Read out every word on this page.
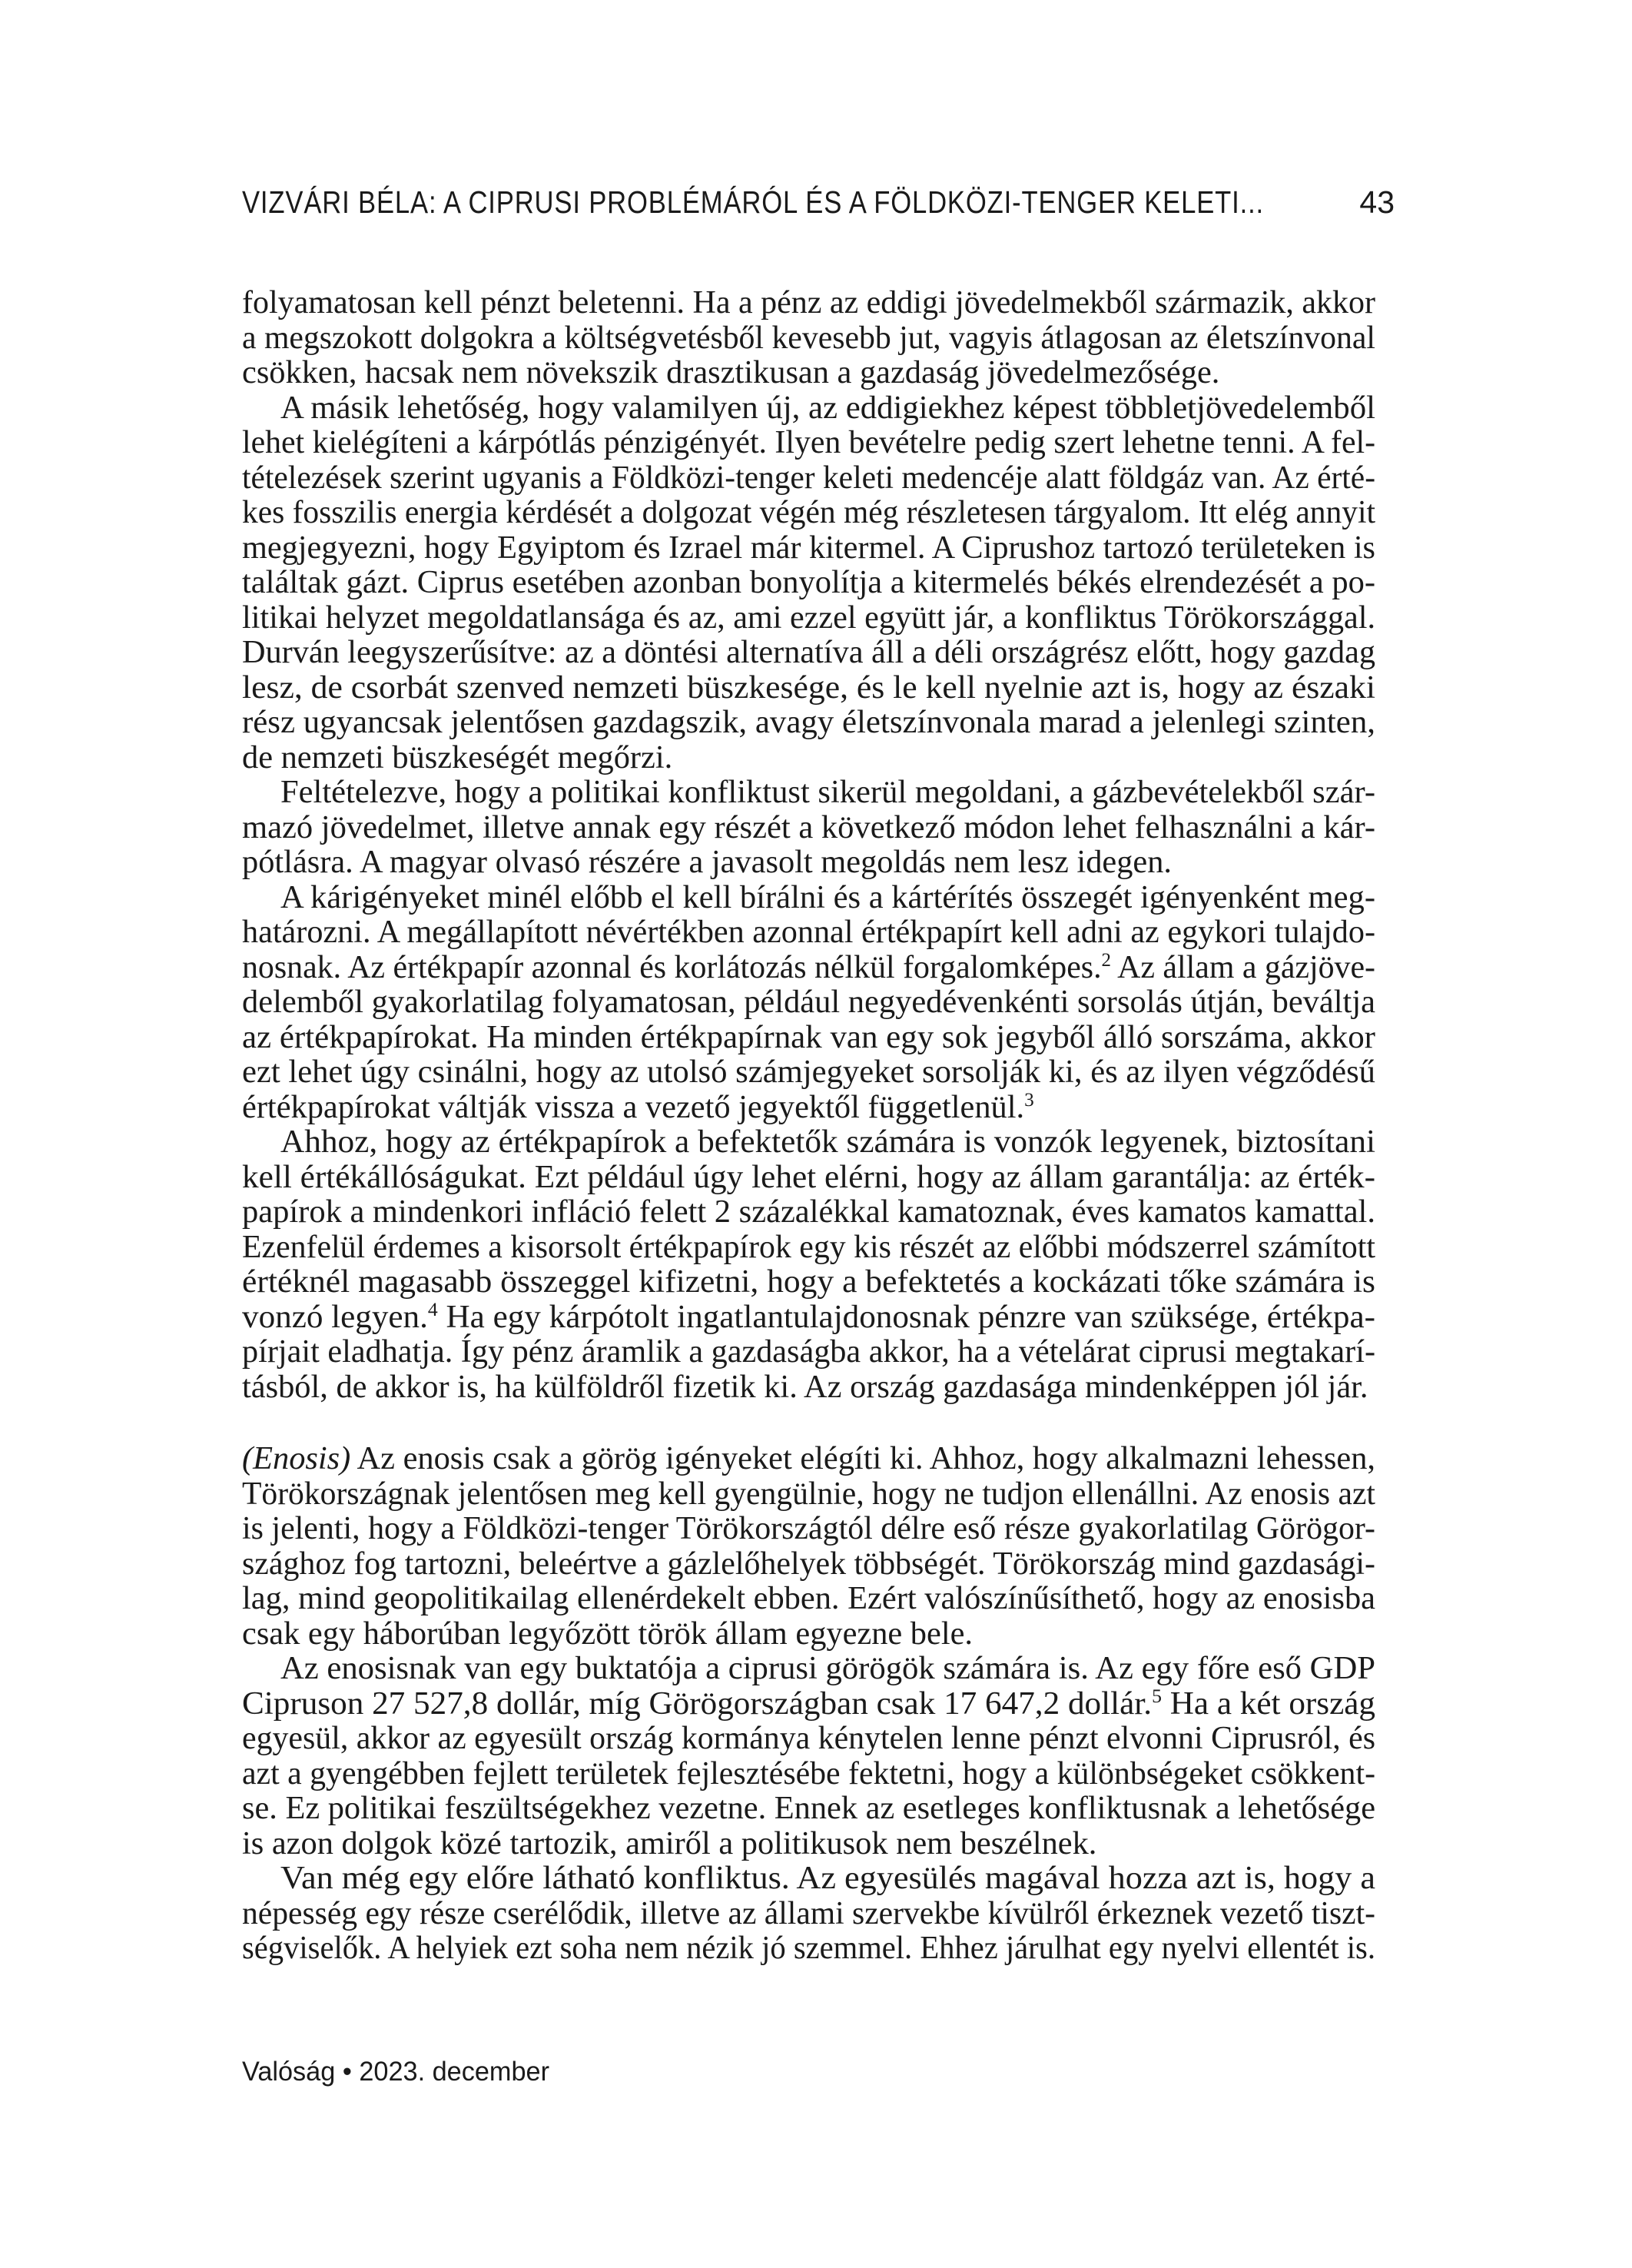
VIZVÁRI BÉLA: A CIPRUSI PROBLÉMÁRÓL ÉS A FÖLDKÖZI-TENGER KELETI...	43
folyamatosan kell pénzt beletenni. Ha a pénz az eddigi jövedelmekből származik, akkor
a megszokott dolgokra a költségvetésből kevesebb jut, vagyis átlagosan az életszínvonal
csökken, hacsak nem növekszik drasztikusan a gazdaság jövedelmezősége.
A másik lehetőség, hogy valamilyen új, az eddigiekhez képest többletjövedelemből
lehet kielégíteni a kárpótlás pénzigényét. Ilyen bevételre pedig szert lehetne tenni. A fel-
tételezések szerint ugyanis a Földközi-tenger keleti medencéje alatt földgáz van. Az érté-
kes fosszilis energia kérdését a dolgozat végén még részletesen tárgyalom. Itt elég annyit
megjegyezni, hogy Egyiptom és Izrael már kitermel. A Ciprushoz tartozó területeken is
találtak gázt. Ciprus esetében azonban bonyolítja a kitermelés békés elrendezését a po-
litikai helyzet megoldatlansága és az, ami ezzel együtt jár, a konfliktus Törökországgal.
Durván leegyszerűsítve: az a döntési alternatíva áll a déli országrész előtt, hogy gazdag
lesz, de csorbát szenved nemzeti büszkesége, és le kell nyelnie azt is, hogy az északi
rész ugyancsak jelentősen gazdagszik, avagy életszínvonala marad a jelenlegi szinten,
de nemzeti büszkeségét megőrzi.
Feltételezve, hogy a politikai konfliktust sikerül megoldani, a gázbevételekből szár-
mazó jövedelmet, illetve annak egy részét a következő módon lehet felhasználni a kár-
pótlásra. A magyar olvasó részére a javasolt megoldás nem lesz idegen.
A kárigényeket minél előbb el kell bírálni és a kártérítés összegét igényenként meg-
határozni. A megállapított névértékben azonnal értékpapírt kell adni az egykori tulajdo-
nosnak. Az értékpapír azonnal és korlátozás nélkül forgalomképes.$^2$ Az állam a gázjöve-
delemből gyakorlatilag folyamatosan, például negyedévenkénti sorsolás útján, beváltja
az értékpapírokat. Ha minden értékpapírnak van egy sok jegyből álló sorszáma, akkor
ezt lehet úgy csinálni, hogy az utolsó számjegyeket sorsolják ki, és az ilyen végződésű
értékpapírokat váltják vissza a vezető jegyektől függetlenül.$^3$
Ahhoz, hogy az értékpapírok a befektetők számára is vonzók legyenek, biztosítani
kell értékállóságukat. Ezt például úgy lehet elérni, hogy az állam garantálja: az érték-
papírok a mindenkori infláció felett 2 százalékkal kamatoznak, éves kamatos kamattal.
Ezenfelül érdemes a kisorsolt értékpapírok egy kis részét az előbbi módszerrel számított
értéknél magasabb összeggel kifizetni, hogy a befektetés a kockázati tőke számára is
vonzó legyen.$^4$ Ha egy kárpótolt ingatlantulajdonosnak pénzre van szüksége, értékpa-
pírjait eladhatja. Így pénz áramlik a gazdaságba akkor, ha a vételárat ciprusi megtakarí-
tásból, de akkor is, ha külföldről fizetik ki. Az ország gazdasága mindenképpen jól jár.
(Enosis) Az enosis csak a görög igényeket elégíti ki. Ahhoz, hogy alkalmazni lehessen,
Törökországnak jelentősen meg kell gyengülnie, hogy ne tudjon ellenállni. Az enosis azt
is jelenti, hogy a Földközi-tenger Törökországtól délre eső része gyakorlatilag Görögor-
szághoz fog tartozni, beleértve a gázlelőhelyek többségét. Törökország mind gazdasági-
lag, mind geopolitikailag ellenérdekelt ebben. Ezért valószínűsíthető, hogy az enosisba
csak egy háborúban legyőzött török állam egyezne bele.
Az enosisnak van egy buktatója a ciprusi görögök számára is. Az egy főre eső GDP
Cipruson 27 527,8 dollár, míg Görögországban csak 17 647,2 dollár.$^5$ Ha a két ország
egyesül, akkor az egyesült ország kormánya kénytelen lenne pénzt elvonni Ciprusról, és
azt a gyengébben fejlett területek fejlesztésébe fektetni, hogy a különbségeket csökkent-
se. Ez politikai feszültségekhez vezetne. Ennek az esetleges konfliktusnak a lehetősége
is azon dolgok közé tartozik, amiről a politikusok nem beszélnek.
Van még egy előre látható konfliktus. Az egyesülés magával hozza azt is, hogy a
népesség egy része cserélődik, illetve az állami szervekbe kívülről érkeznek vezető tiszt-
ségviselők. A helyiek ezt soha nem nézik jó szemmel. Ehhez járulhat egy nyelvi ellentét is.
Valóság • 2023. december
